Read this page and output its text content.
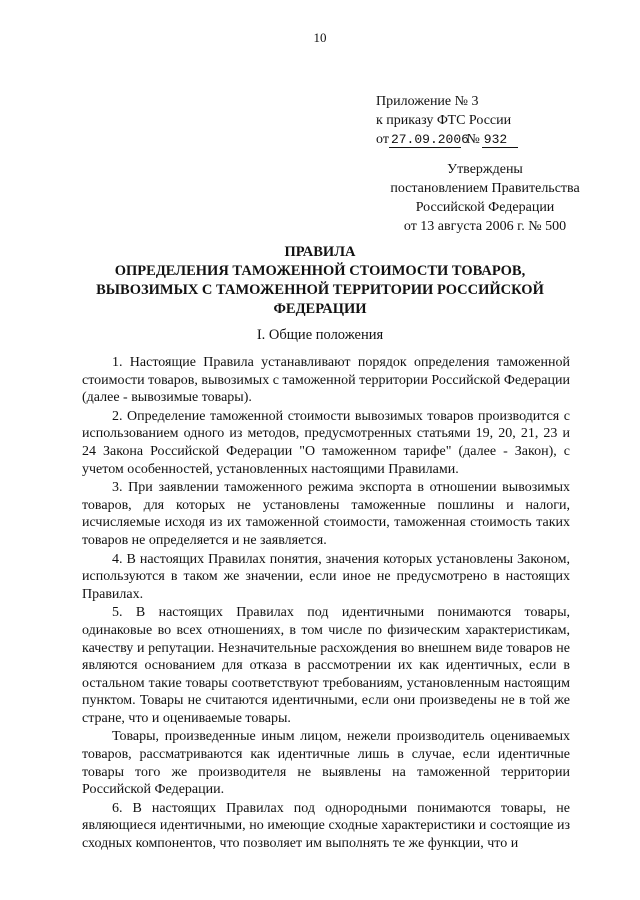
10
Приложение № 3
к приказу ФТС России
от 27.09.2006 № 932
Утверждены
постановлением Правительства
Российской Федерации
от 13 августа 2006 г. № 500
ПРАВИЛА
ОПРЕДЕЛЕНИЯ ТАМОЖЕННОЙ СТОИМОСТИ ТОВАРОВ,
ВЫВОЗИМЫХ С ТАМОЖЕННОЙ ТЕРРИТОРИИ РОССИЙСКОЙ
ФЕДЕРАЦИИ
I. Общие положения

1. Настоящие Правила устанавливают порядок определения таможенной стоимости товаров, вывозимых с таможенной территории Российской Федерации (далее - вывозимые товары).

2. Определение таможенной стоимости вывозимых товаров производится с использованием одного из методов, предусмотренных статьями 19, 20, 21, 23 и 24 Закона Российской Федерации "О таможенном тарифе" (далее - Закон), с учетом особенностей, установленных настоящими Правилами.

3. При заявлении таможенного режима экспорта в отношении вывозимых товаров, для которых не установлены таможенные пошлины и налоги, исчисляемые исходя из их таможенной стоимости, таможенная стоимость таких товаров не определяется и не заявляется.

4. В настоящих Правилах понятия, значения которых установлены Законом, используются в таком же значении, если иное не предусмотрено в настоящих Правилах.

5. В настоящих Правилах под идентичными понимаются товары, одинаковые во всех отношениях, в том числе по физическим характеристикам, качеству и репутации. Незначительные расхождения во внешнем виде товаров не являются основанием для отказа в рассмотрении их как идентичных, если в остальном такие товары соответствуют требованиям, установленным настоящим пунктом. Товары не считаются идентичными, если они произведены не в той же стране, что и оцениваемые товары.

Товары, произведенные иным лицом, нежели производитель оцениваемых товаров, рассматриваются как идентичные лишь в случае, если идентичные товары того же производителя не выявлены на таможенной территории Российской Федерации.

6. В настоящих Правилах под однородными понимаются товары, не являющиеся идентичными, но имеющие сходные характеристики и состоящие из сходных компонентов, что позволяет им выполнять те же функции, что и
